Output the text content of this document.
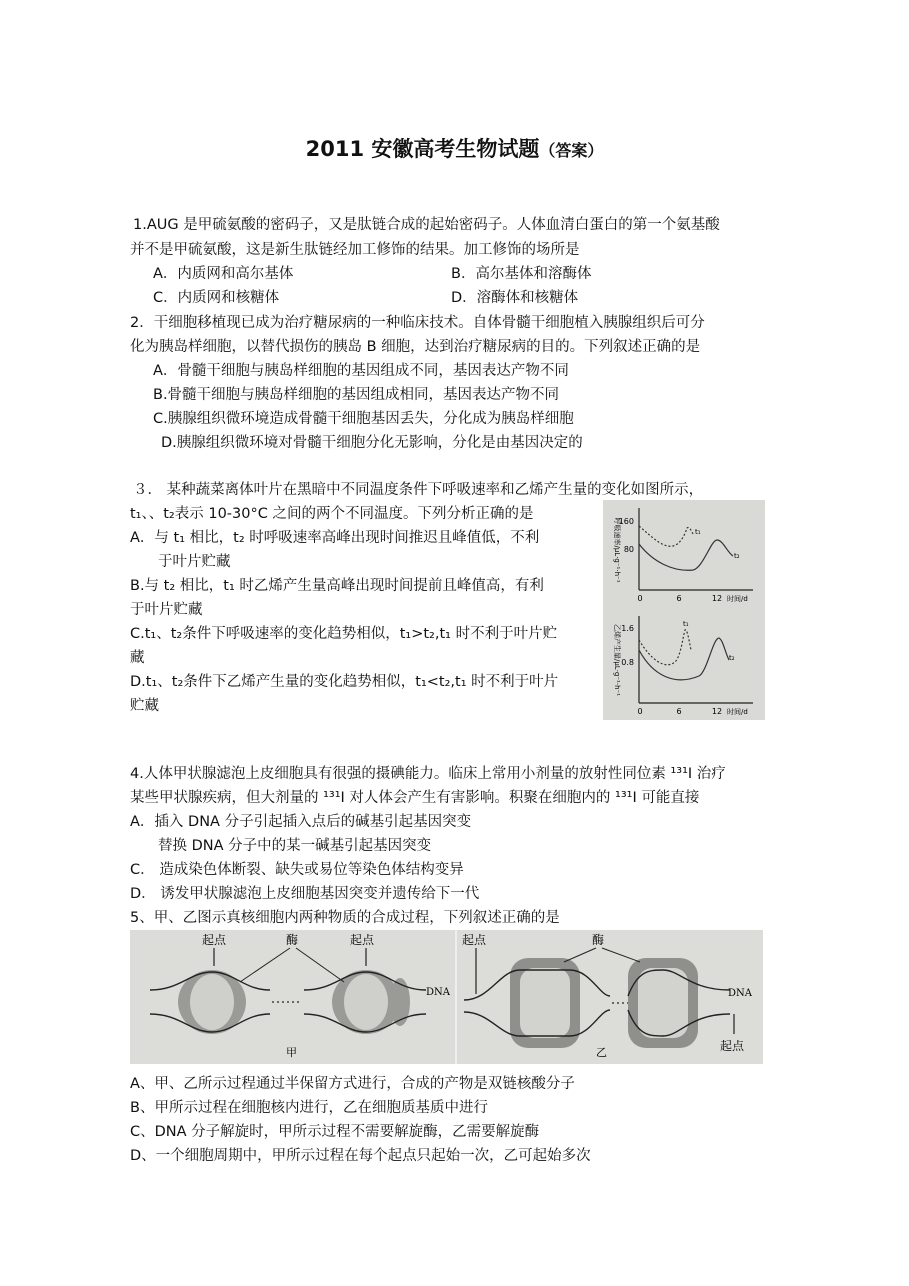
2011 安徽高考生物试题（答案）
1.AUG 是甲硫氨酸的密码子，又是肽链合成的起始密码子。人体血清白蛋白的第一个氨基酸
并不是甲硫氨酸，这是新生肽链经加工修饰的结果。加工修饰的场所是
A．内质网和高尔基体	B．高尔基体和溶酶体
C．内质网和核糖体	D．溶酶体和核糖体
2．干细胞移植现已成为治疗糖尿病的一种临床技术。自体骨髓干细胞植入胰腺组织后可分
化为胰岛样细胞，以替代损伤的胰岛 B 细胞，达到治疗糖尿病的目的。下列叙述正确的是
A．骨髓干细胞与胰岛样细胞的基因组成不同，基因表达产物不同
B.骨髓干细胞与胰岛样细胞的基因组成相同，基因表达产物不同
C.胰腺组织微环境造成骨髓干细胞基因丢失，分化成为胰岛样细胞
D.胰腺组织微环境对骨髓干细胞分化无影响，分化是由基因决定的
３． 某种蔬菜离体叶片在黑暗中不同温度条件下呼吸速率和乙烯产生量的变化如图所示，
t₁、、t₂表示 10-30°C 之间的两个不同温度。下列分析正确的是
A．与 t₁ 相比，t₂ 时呼吸速率高峰出现时间推迟且峰值低，不利
于叶片贮藏
B.与 t₂ 相比，t₁ 时乙烯产生量高峰出现时间提前且峰值高，有利
于叶片贮藏
C.t₁、t₂条件下呼吸速率的变化趋势相似，t₁>t₂,t₁ 时不利于叶片贮
藏
D.t₁、t₂条件下乙烯产生量的变化趋势相似，t₁<t₂,t₁ 时不利于叶片
贮藏
160
80
0	6	12 时间/d
t₁
t₂
呼吸速率/μL·g⁻¹·h⁻¹
1.6
0.8
0	6	12 时间/d
t₁
t₂
乙烯产生量/μL·g⁻¹·h⁻¹
4.人体甲状腺滤泡上皮细胞具有很强的摄碘能力。临床上常用小剂量的放射性同位素 ¹³¹I 治疗
某些甲状腺疾病，但大剂量的 ¹³¹I 对人体会产生有害影响。积聚在细胞内的 ¹³¹I 可能直接
A．插入 DNA 分子引起插入点后的碱基引起基因突变
替换 DNA 分子中的某一碱基引起基因突变
C． 造成染色体断裂、缺失或易位等染色体结构变异
D． 诱发甲状腺滤泡上皮细胞基因突变并遗传给下一代
5、甲、乙图示真核细胞内两种物质的合成过程，下列叙述正确的是
起点	酶	起点
DNA
甲
起点	酶
DNA
起点
乙
A、甲、乙所示过程通过半保留方式进行，合成的产物是双链核酸分子
B、甲所示过程在细胞核内进行，乙在细胞质基质中进行
C、DNA 分子解旋时，甲所示过程不需要解旋酶，乙需要解旋酶
D、一个细胞周期中，甲所示过程在每个起点只起始一次，乙可起始多次
